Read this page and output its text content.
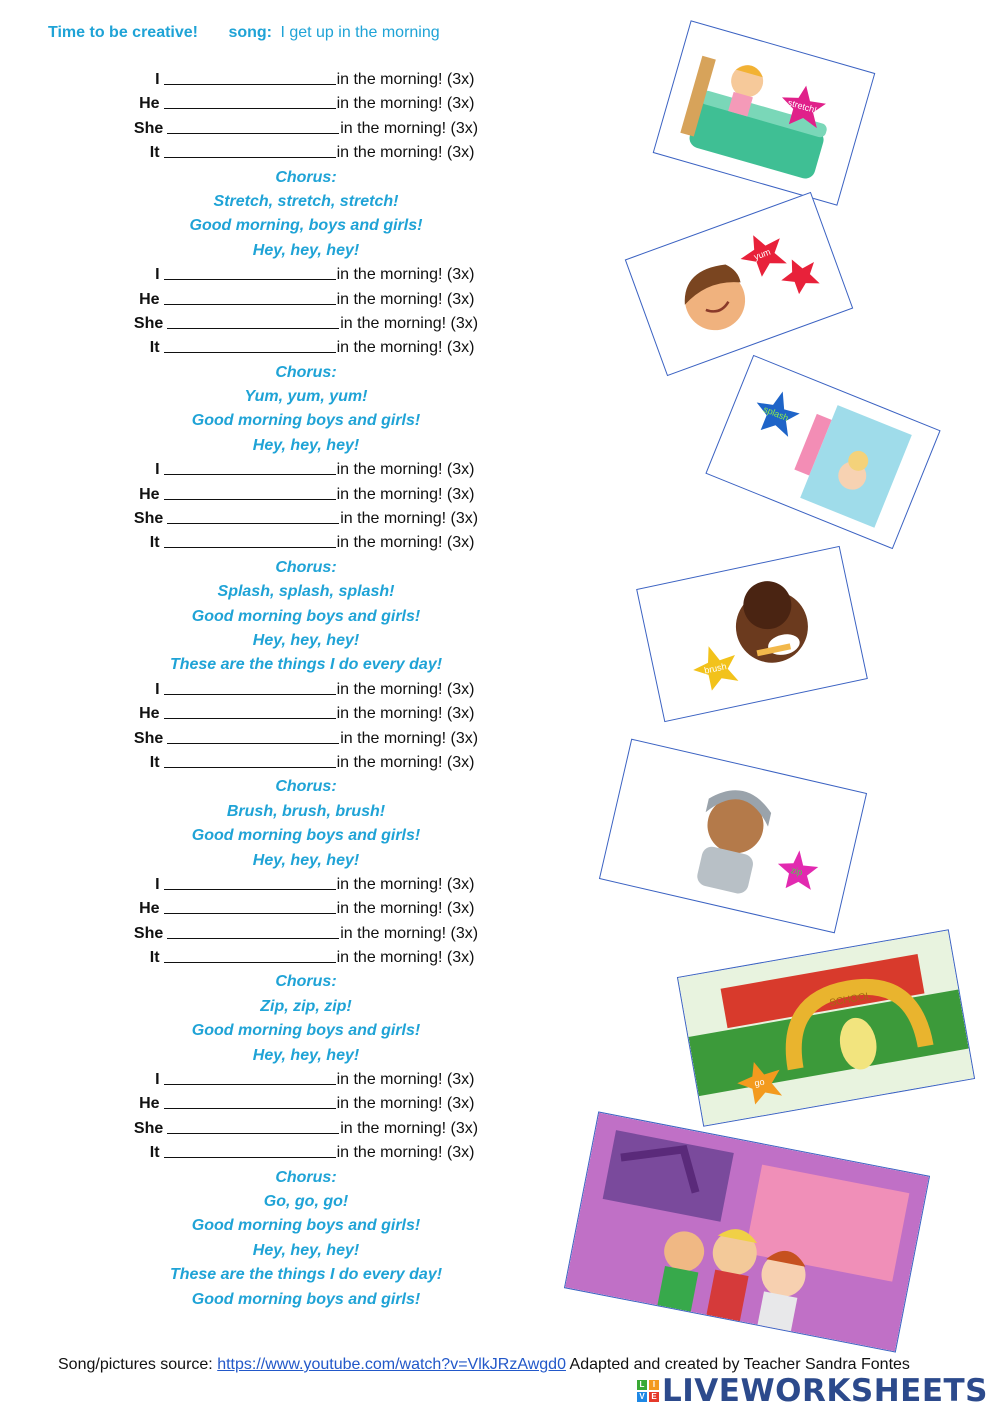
Time to be creative! song: I get up in the morning
I	in the morning! (3x)
He	in the morning! (3x)
She	in the morning! (3x)
It	in the morning! (3x)
Chorus:
Stretch, stretch, stretch!
Good morning, boys and girls!
Hey, hey, hey!
I	in the morning! (3x)
He	in the morning! (3x)
She	in the morning! (3x)
It	in the morning! (3x)
Chorus:
Yum, yum, yum!
Good morning boys and girls!
Hey, hey, hey!
I	in the morning! (3x)
He	in the morning! (3x)
She	in the morning! (3x)
It	in the morning! (3x)
Chorus:
Splash, splash, splash!
Good morning boys and girls!
Hey, hey, hey!
These are the things I do every day!
I	in the morning! (3x)
He	in the morning! (3x)
She	in the morning! (3x)
It	in the morning! (3x)
Chorus:
Brush, brush, brush!
Good morning boys and girls!
Hey, hey, hey!
I	in the morning! (3x)
He	in the morning! (3x)
She	in the morning! (3x)
It	in the morning! (3x)
Chorus:
Zip, zip, zip!
Good morning boys and girls!
Hey, hey, hey!
I	in the morning! (3x)
He	in the morning! (3x)
She	in the morning! (3x)
It	in the morning! (3x)
Chorus:
Go, go, go!
Good morning boys and girls!
Hey, hey, hey!
These are the things I do every day!
Good morning boys and girls!
stretch!
yum
splash
brush
zip
SCHOOL
go
Song/pictures source: https://www.youtube.com/watch?v=VlkJRzAwgd0 Adapted and created by Teacher Sandra Fontes
L	I
V E LIVEWORKSHEETS
